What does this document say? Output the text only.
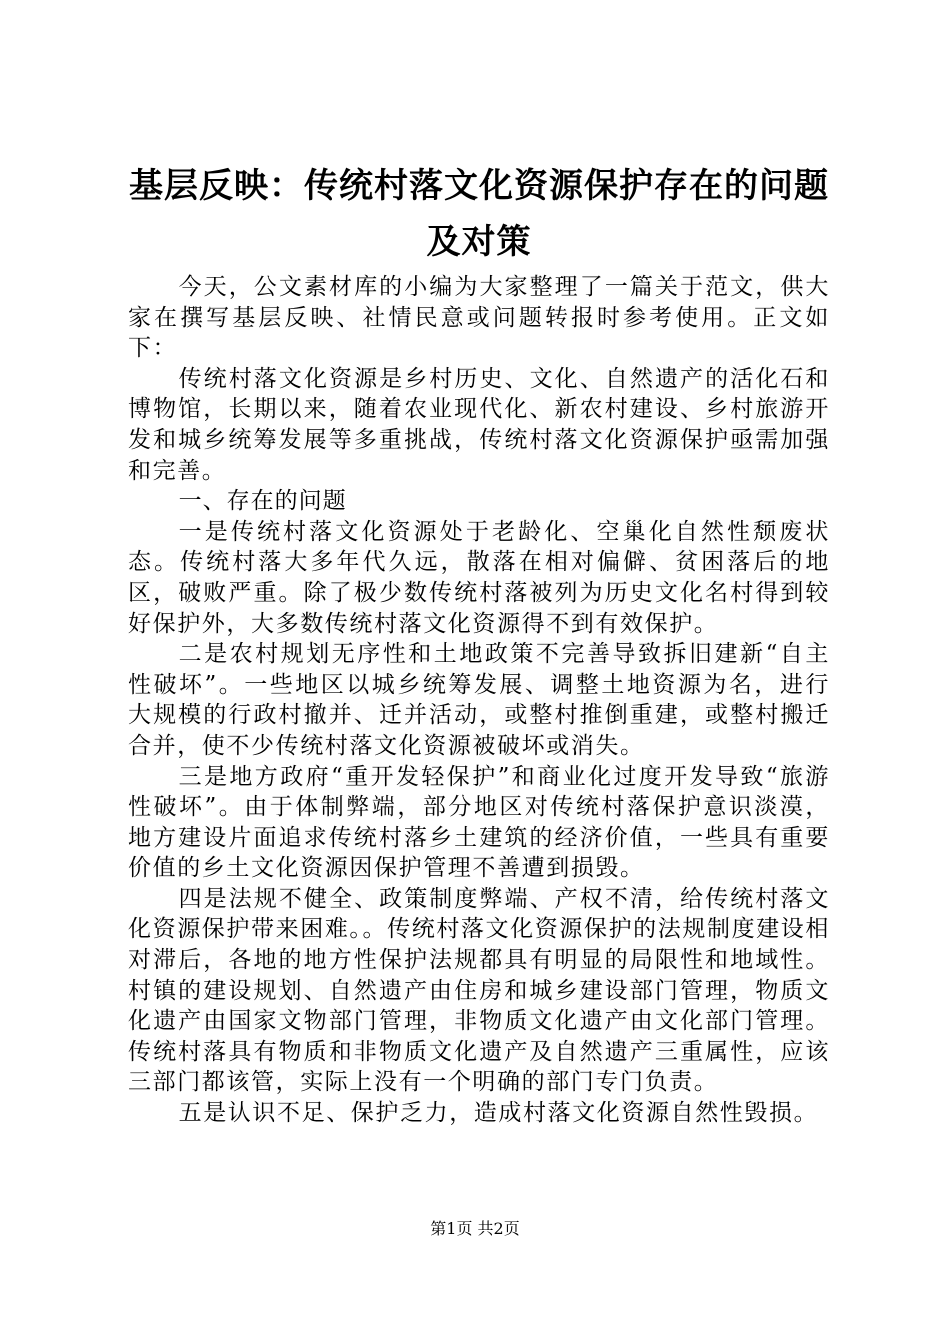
基层反映：传统村落文化资源保护存在的问题及对策

今天，公文素材库的小编为大家整理了一篇关于范文，供大家在撰写基层反映、社情民意或问题转报时参考使用。正文如下：

传统村落文化资源是乡村历史、文化、自然遗产的活化石和博物馆，长期以来，随着农业现代化、新农村建设、乡村旅游开发和城乡统筹发展等多重挑战，传统村落文化资源保护亟需加强和完善。

一、存在的问题

一是传统村落文化资源处于老龄化、空巢化自然性颓废状态。传统村落大多年代久远，散落在相对偏僻、贫困落后的地区，破败严重。除了极少数传统村落被列为历史文化名村得到较好保护外，大多数传统村落文化资源得不到有效保护。

二是农村规划无序性和土地政策不完善导致拆旧建新“自主性破坏”。一些地区以城乡统筹发展、调整土地资源为名，进行大规模的行政村撤并、迁并活动，或整村推倒重建，或整村搬迁合并，使不少传统村落文化资源被破坏或消失。

三是地方政府“重开发轻保护”和商业化过度开发导致“旅游性破坏”。由于体制弊端，部分地区对传统村落保护意识淡漠，地方建设片面追求传统村落乡土建筑的经济价值，一些具有重要价值的乡土文化资源因保护管理不善遭到损毁。

四是法规不健全、政策制度弊端、产权不清，给传统村落文化资源保护带来困难。。传统村落文化资源保护的法规制度建设相对滞后，各地的地方性保护法规都具有明显的局限性和地域性。村镇的建设规划、自然遗产由住房和城乡建设部门管理，物质文化遗产由国家文物部门管理，非物质文化遗产由文化部门管理。传统村落具有物质和非物质文化遗产及自然遗产三重属性，应该三部门都该管，实际上没有一个明确的部门专门负责。

五是认识不足、保护乏力，造成村落文化资源自然性毁损。

第1页 共2页
